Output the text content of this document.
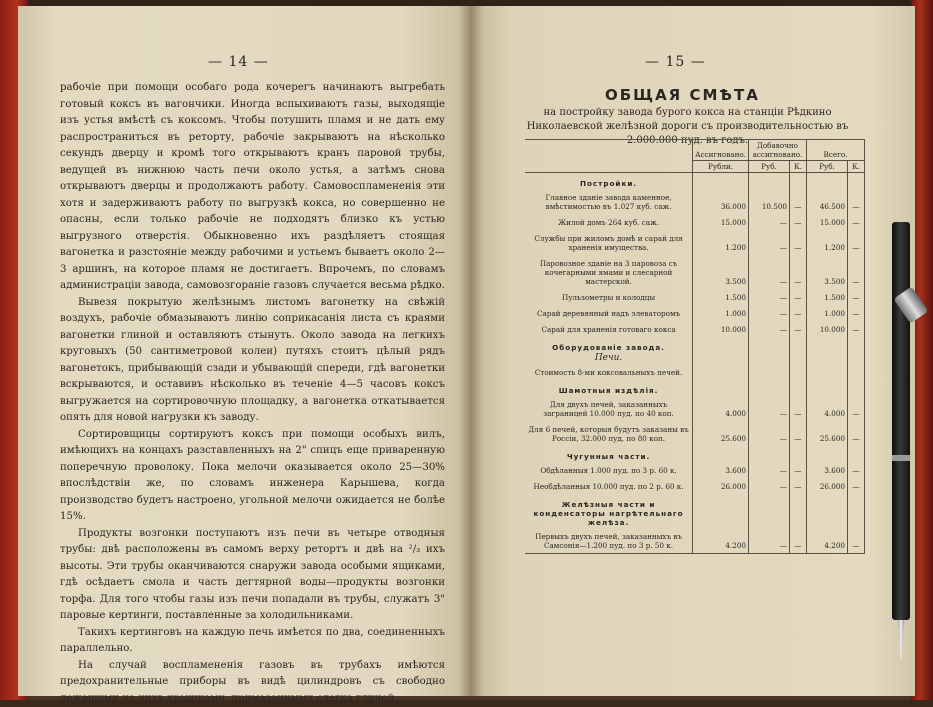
— 14 —

рабочіе при помощи особаго рода кочерегъ начинаютъ выгребать готовый коксъ въ вагончики. Иногда вспыхиваютъ газы, выходящіе изъ устья вмѣстѣ съ коксомъ. Чтобы потушить пламя и не дать ему распространиться въ реторту, рабочіе закрываютъ на нѣсколько секундъ дверцу и кромѣ того открываютъ кранъ паровой трубы, ведущей въ нижнюю часть печи около устья, а затѣмъ снова открываютъ дверцы и продолжаютъ работу. Самовоспламененія эти хотя и задерживаютъ работу по выгрузкѣ кокса, но совершенно не опасны, если только рабочіе не подходятъ близко къ устью выгрузного отверстія. Обыкновенно ихъ раздѣляетъ стоящая вагонетка и разстояніе между рабочими и устьемъ бываетъ около 2—3 аршинъ, на которое пламя не достигаетъ. Впрочемъ, по словамъ администраціи завода, самовозгораніе газовъ случается весьма рѣдко.

Вывезя покрытую желѣзнымъ листомъ вагонетку на свѣжій воздухъ, рабочіе обмазываютъ линію соприкасанія листа съ краями вагонетки глиной и оставляютъ стынуть. Около завода на легкихъ круговыхъ (50 сантиметровой колеи) путяхъ стоитъ цѣлый рядъ вагонетокъ, прибывающій сзади и убывающій спереди, гдѣ вагонетки вскрываются, и оставивъ нѣсколько въ теченіе 4—5 часовъ коксъ выгружается на сортировочную площадку, а вагонетка откатывается опять для новой нагрузки къ заводу.

Сортировщицы сортируютъ коксъ при помощи особыхъ вилъ, имѣющихъ на концахъ разставленныхъ на 2" спицъ еще приваренную поперечную проволоку. Пока мелочи оказывается около 25—30% впослѣдствіи же, по словамъ инженера Карышева, когда производство будетъ настроено, угольной мелочи ожидается не болѣе 15%.

Продукты возгонки поступаютъ изъ печи въ четыре отводныя трубы: двѣ расположены въ самомъ верху ретортъ и двѣ на ²/₃ ихъ высоты. Эти трубы оканчиваются снаружи завода особыми ящиками, гдѣ осѣдаетъ смола и часть дегтярной воды—продукты возгонки торфа. Для того чтобы газы изъ печи попадали въ трубы, служатъ 3" паровые кертинги, поставленные за холодильниками.

Такихъ кертинговъ на каждую печь имѣется по два, соединенныхъ параллельно.

На случай воспламененія газовъ въ трубахъ имѣются предохранительные приборы въ видѣ цилиндровъ съ свободно лежащими на нихъ крышками, примазанными слегка глиной.

— 15 —
ОБЩАЯ СМѢТА
на постройку завода бурого кокса на станціи Рѣдкино Николаевской желѣзной дороги съ производительностью въ 2.000.000 пуд. въ годъ.
	Ассигновано.	Добавочно ассигновано.		Всего.	
	Рубли.	Руб.	К.	Руб.	К.
Постройки.					
Главное зданіе завода каменное, вмѣстимостью въ 1.027 куб. саж.	36.000	10.500	—	46.500	—
Жилой домъ 264 куб. саж.	15.000	—	—	15.000	—
Службы при жиломъ домѣ и сарай для храненія имущества.	1.200	—	—	1.200	—
Паровозное зданіе на 3 паровоза съ кочегарными ямами и слесарной мастерской.	3.500	—	—	3.500	—
Пульзометры и колодцы	1.500	—	—	1.500	—
Сарай деревянный надъ элеваторомъ	1.000	—	—	1.000	—
Сарай для храненія готоваго кокса	10.000	—	—	10.000	—
Оборудованіе завода.					
Печи.					
Стоимость 8-ми коксовальныхъ печей.					
Шамотныя издѣлія.					
Для двухъ печей, заказанныхъ заграницей 10.000 пуд. по 40 коп.	4.000	—	—	4.000	—
Для 6 печей, которыя будутъ заказаны въ Россіи, 32.000 пуд. по 80 коп.	25.600	—	—	25.600	—
Чугунныя части.					
Обдѣланныя 1.000 пуд. по 3 р. 60 к.	3.600	—	—	3.600	—
Необдѣланныя 10.000 пуд. по 2 р. 60 к.	26.000	—	—	26.000	—
Желѣзныя части и конденсаторы нагрѣтельнаго желѣза.					
Первыхъ двухъ печей, заказанныхъ въ Самсонія—1.200 пуд. по 3 р. 50 к.	4.200	—	—	4.200	—
